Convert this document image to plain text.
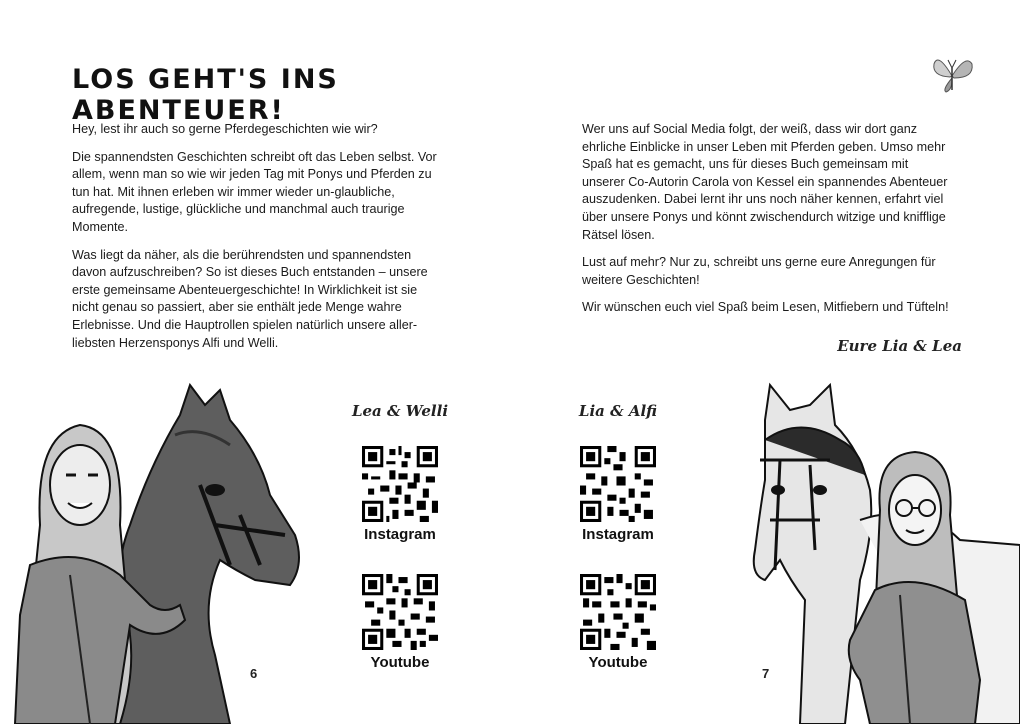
LOS GEHT'S INS ABENTEUER!

Hey, lest ihr auch so gerne Pferdegeschichten wie wir?

Die spannendsten Geschichten schreibt oft das Leben selbst. Vor allem, wenn man so wie wir jeden Tag mit Ponys und Pferden zu tun hat. Mit ihnen erleben wir immer wieder un-glaubliche, aufregende, lustige, glückliche und manchmal auch traurige Momente.

Was liegt da näher, als die berührendsten und spannendsten davon aufzuschreiben? So ist dieses Buch entstanden – unsere erste gemeinsame Abenteuergeschichte! In Wirklichkeit ist sie nicht genau so passiert, aber sie enthält jede Menge wahre Erlebnisse. Und die Hauptrollen spielen natürlich unsere aller-liebsten Herzensponys Alfi und Welli.

Lea & Welli
Instagram
Youtube
6

Wer uns auf Social Media folgt, der weiß, dass wir dort ganz ehrliche Einblicke in unser Leben mit Pferden geben. Umso mehr Spaß hat es gemacht, uns für dieses Buch gemeinsam mit unserer Co-Autorin Carola von Kessel ein spannendes Abenteuer auszudenken. Dabei lernt ihr uns noch näher kennen, erfahrt viel über unsere Ponys und könnt zwischendurch witzige und knifflige Rätsel lösen.

Lust auf mehr? Nur zu, schreibt uns gerne eure Anregungen für weitere Geschichten!

Wir wünschen euch viel Spaß beim Lesen, Mitfiebern und Tüfteln!

Eure Lia & Lea
Lia & Alfi
Instagram
Youtube
7
